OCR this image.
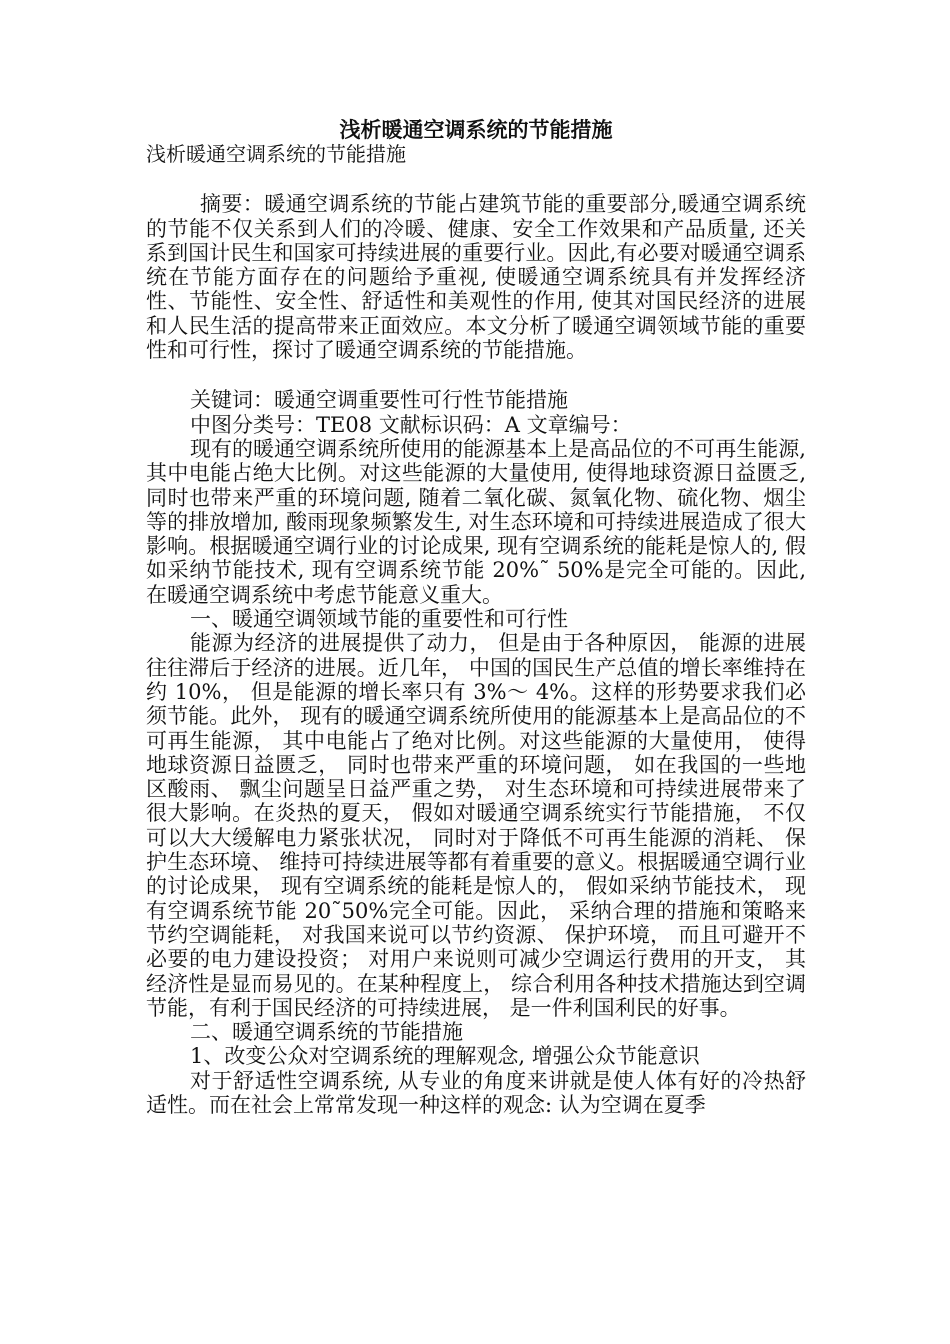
浅析暖通空调系统的节能措施

浅析暖通空调系统的节能措施

摘要：暖通空调系统的节能占建筑节能的重要部分,暖通空调系统的节能不仅关系到人们的冷暖、健康、安全工作效果和产品质量, 还关系到国计民生和国家可持续进展的重要行业。因此,有必要对暖通空调系统在节能方面存在的问题给予重视, 使暖通空调系统具有并发挥经济性、节能性、安全性、舒适性和美观性的作用, 使其对国民经济的进展和人民生活的提高带来正面效应。本文分析了暖通空调领域节能的重要性和可行性，探讨了暖通空调系统的节能措施。

关键词：暖通空调重要性可行性节能措施

中图分类号：TE08 文献标识码：A 文章编号：

现有的暖通空调系统所使用的能源基本上是高品位的不可再生能源, 其中电能占绝大比例。对这些能源的大量使用, 使得地球资源日益匮乏, 同时也带来严重的环境问题, 随着二氧化碳、氮氧化物、硫化物、烟尘等的排放增加, 酸雨现象频繁发生, 对生态环境和可持续进展造成了很大影响。根据暖通空调行业的讨论成果, 现有空调系统的能耗是惊人的, 假如采纳节能技术, 现有空调系统节能 20%˜ 50%是完全可能的。因此, 在暖通空调系统中考虑节能意义重大。

一、暖通空调领域节能的重要性和可行性

能源为经济的进展提供了动力， 但是由于各种原因， 能源的进展往往滞后于经济的进展。近几年， 中国的国民生产总值的增长率维持在约 10%， 但是能源的增长率只有 3%～ 4%。这样的形势要求我们必须节能。此外， 现有的暖通空调系统所使用的能源基本上是高品位的不可再生能源， 其中电能占了绝对比例。对这些能源的大量使用， 使得地球资源日益匮乏， 同时也带来严重的环境问题， 如在我国的一些地区酸雨、 飘尘问题呈日益严重之势， 对生态环境和可持续进展带来了很大影响。在炎热的夏天， 假如对暖通空调系统实行节能措施， 不仅可以大大缓解电力紧张状况， 同时对于降低不可再生能源的消耗、 保护生态环境、 维持可持续进展等都有着重要的意义。根据暖通空调行业的讨论成果， 现有空调系统的能耗是惊人的， 假如采纳节能技术， 现有空调系统节能 20˜50%完全可能。因此， 采纳合理的措施和策略来节约空调能耗， 对我国来说可以节约资源、 保护环境， 而且可避开不必要的电力建设投资； 对用户来说则可减少空调运行费用的开支， 其经济性是显而易见的。在某种程度上， 综合利用各种技术措施达到空调节能，有利于国民经济的可持续进展， 是一件利国利民的好事。

二、暖通空调系统的节能措施

1、改变公众对空调系统的理解观念, 增强公众节能意识

对于舒适性空调系统, 从专业的角度来讲就是使人体有好的冷热舒适性。而在社会上常常发现一种这样的观念: 认为空调在夏季
